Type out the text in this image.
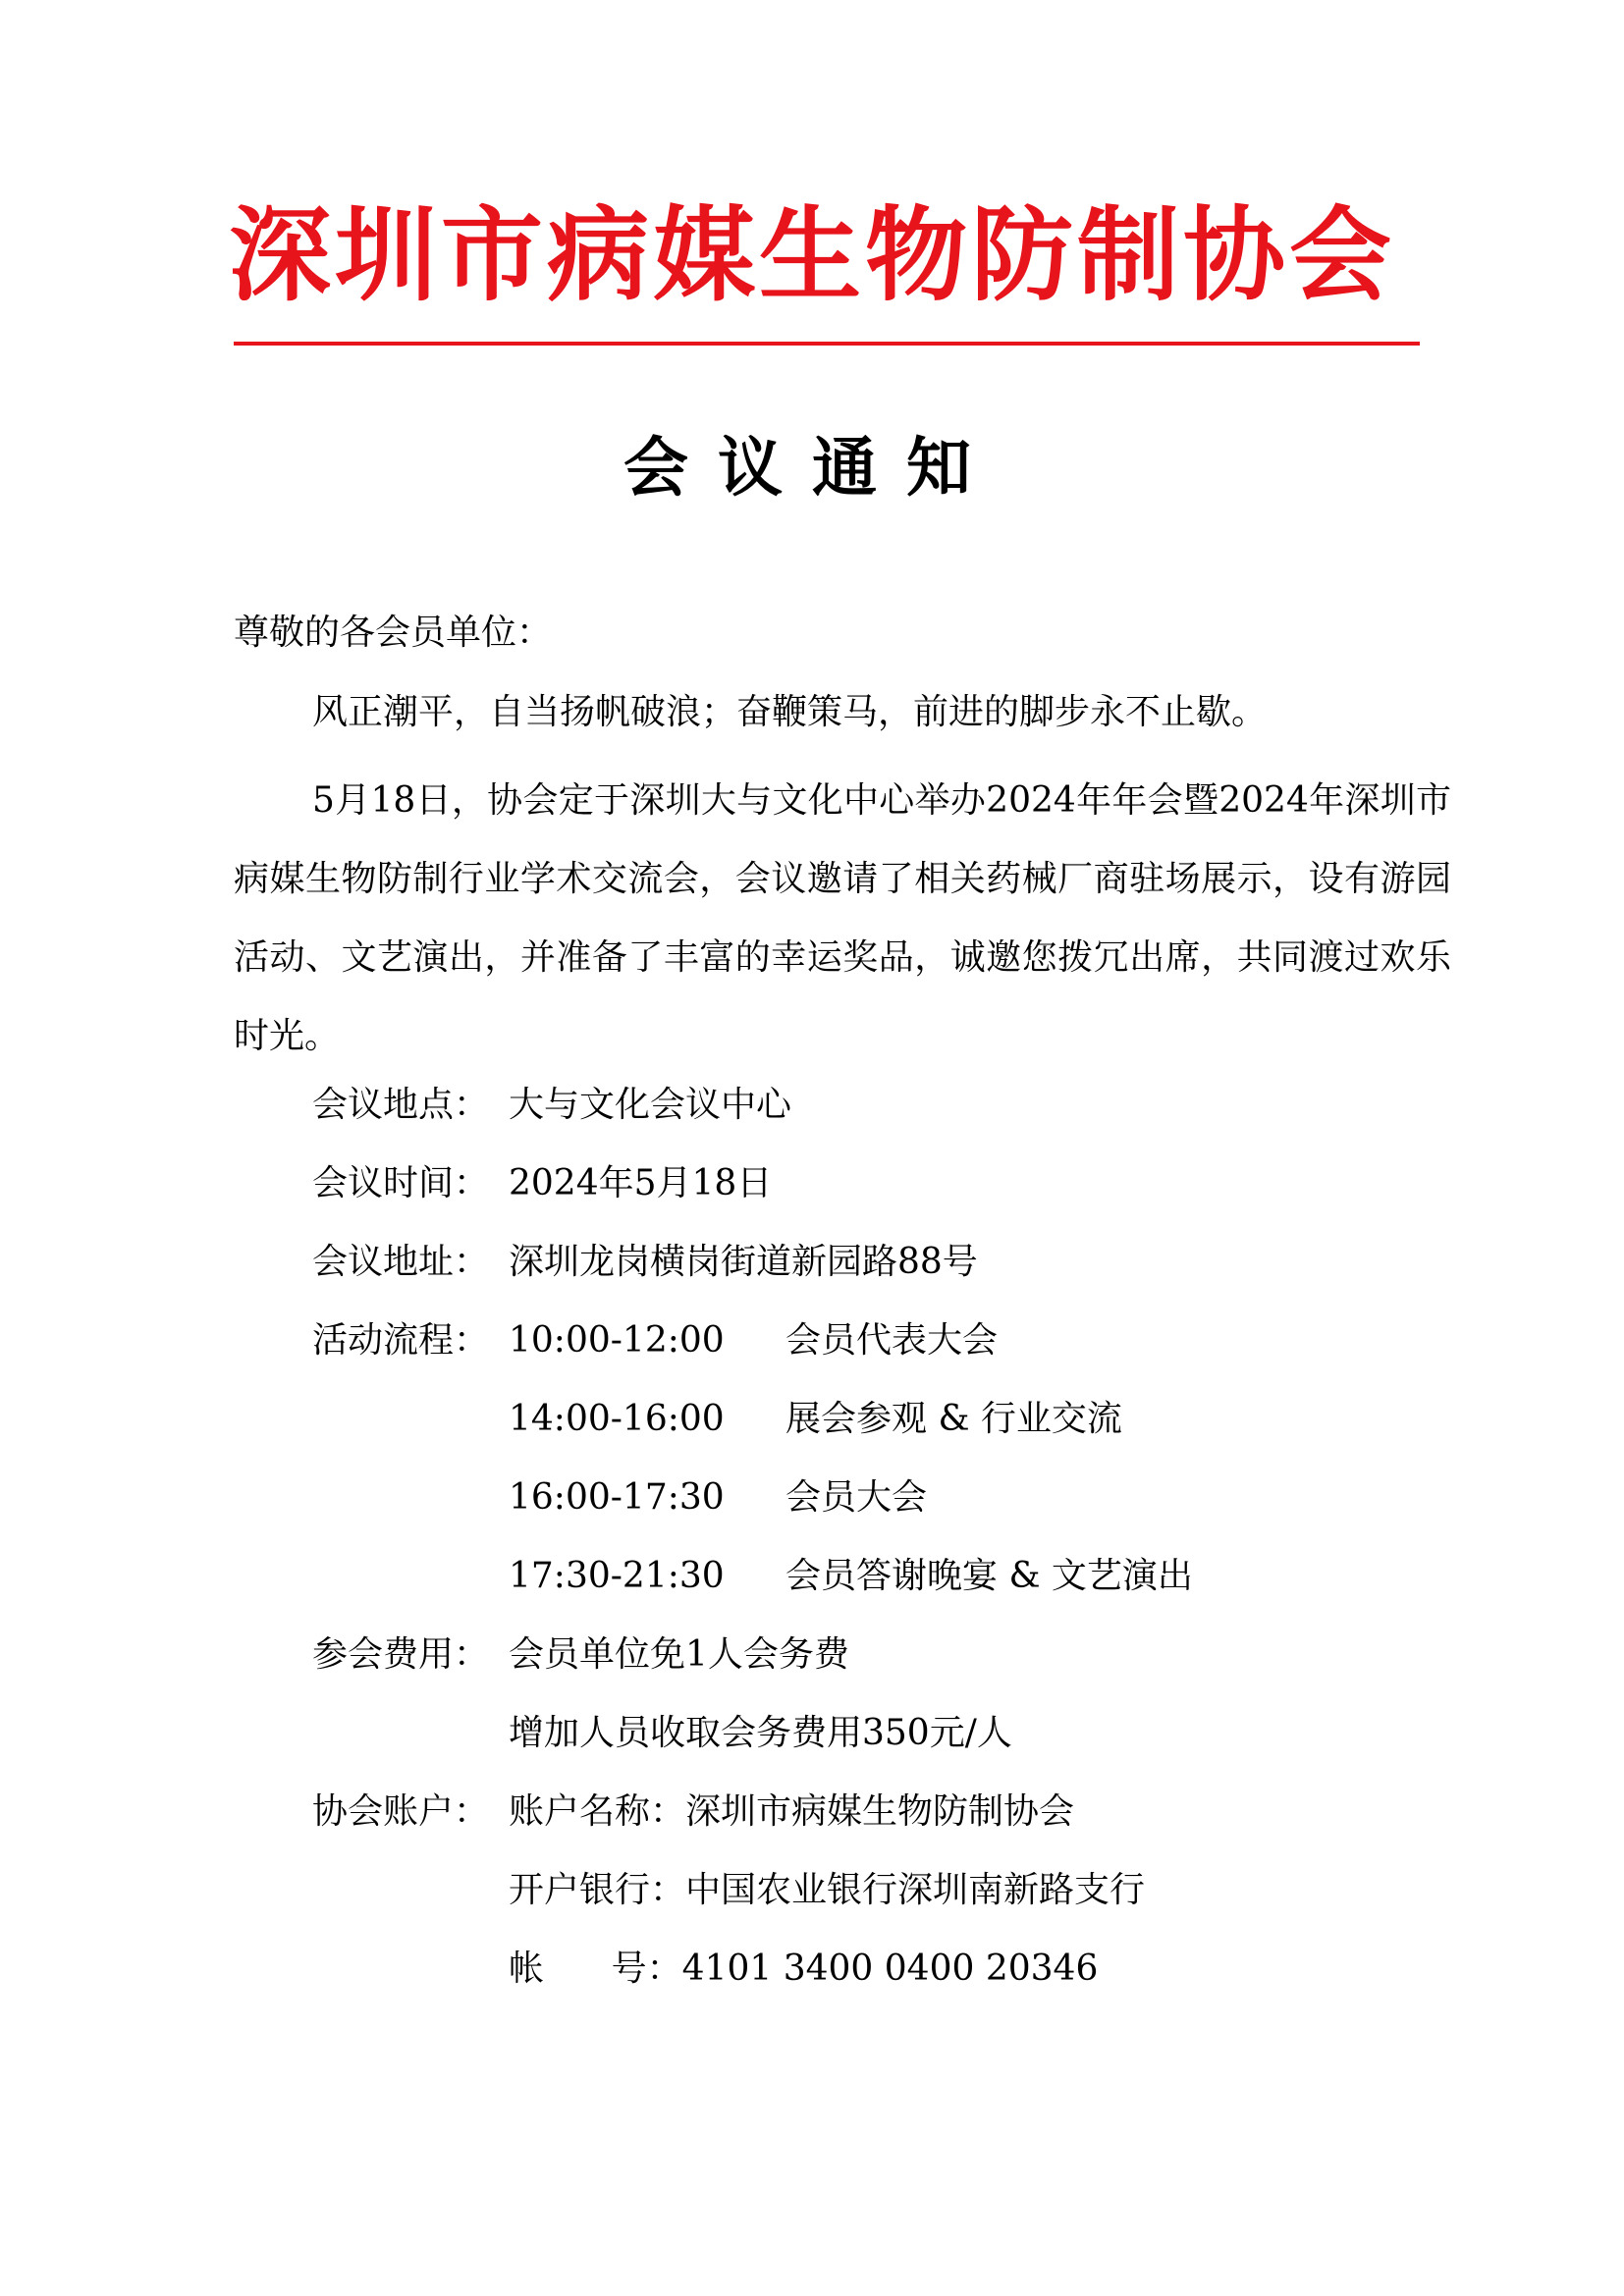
深圳市病媒生物防制协会
会议通知
尊敬的各会员单位：
风正潮平，自当扬帆破浪；奋鞭策马，前进的脚步永不止歇。
5月18日，协会定于深圳大与文化中心举办2024年年会暨2024年深圳市病媒生物防制行业学术交流会，会议邀请了相关药械厂商驻场展示，设有游园活动、文艺演出，并准备了丰富的幸运奖品，诚邀您拨冗出席，共同渡过欢乐时光。
会议地点： 大与文化会议中心
会议时间： 2024年5月18日
会议地址： 深圳龙岗横岗街道新园路88号
活动流程： 10:00-12:00 会员代表大会
14:00-16:00 展会参观 & 行业交流
16:00-17:30 会员大会
17:30-21:30 会员答谢晚宴 & 文艺演出
参会费用： 会员单位免1人会务费
增加人员收取会务费用350元/人
协会账户： 账户名称：深圳市病媒生物防制协会
开户银行：中国农业银行深圳南新路支行
帐      号：4101 3400 0400 20346
